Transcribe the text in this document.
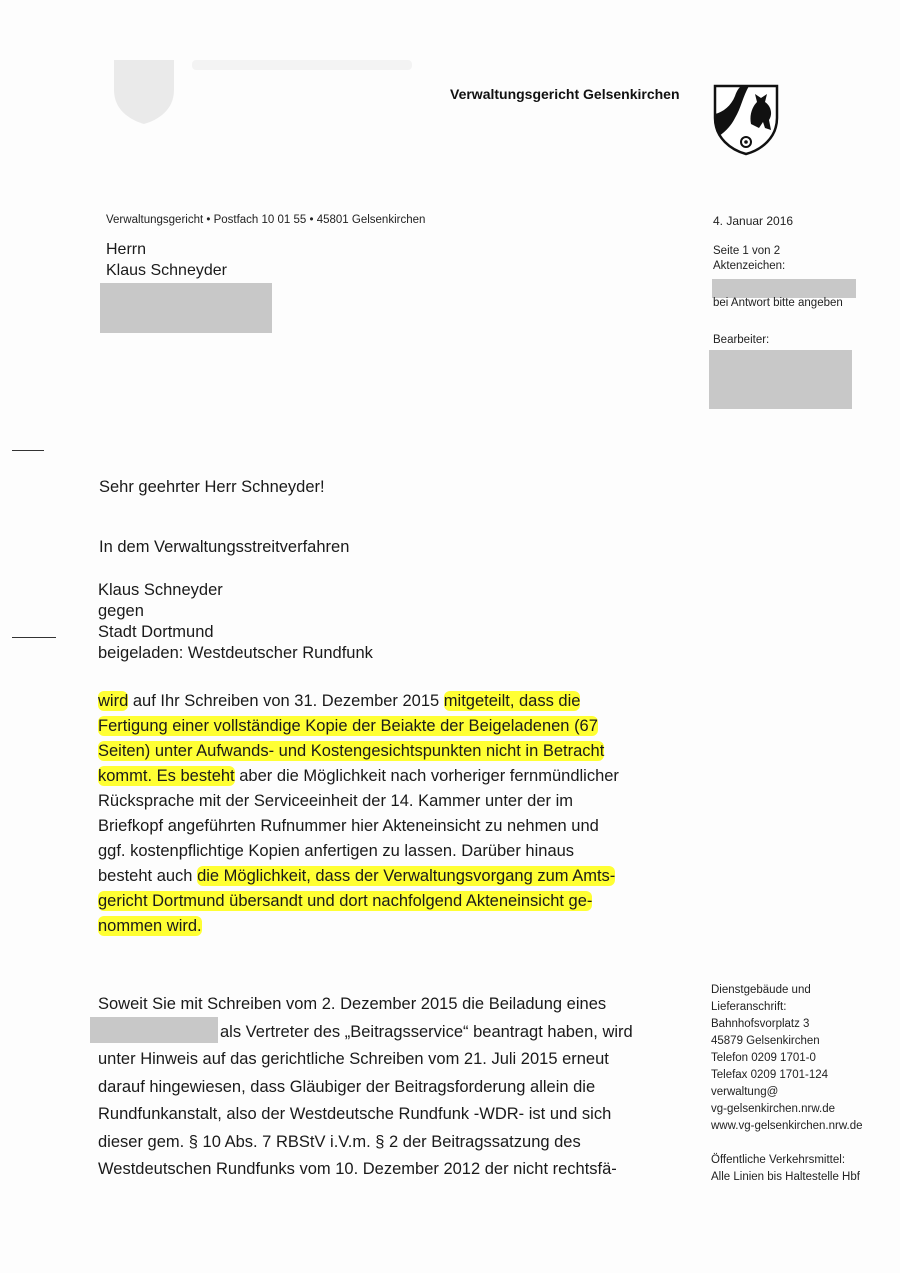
Verwaltungsgericht Gelsenkirchen
Verwaltungsgericht • Postfach 10 01 55 • 45801 Gelsenkirchen	4. Januar 2016
Seite 1 von 2
Aktenzeichen:
bei Antwort bitte angeben
Bearbeiter:
Herrn
Klaus Schneyder
Sehr geehrter Herr Schneyder!
In dem Verwaltungsstreitverfahren
Klaus Schneyder
gegen
Stadt Dortmund
beigeladen: Westdeutscher Rundfunk
wird auf Ihr Schreiben von 31. Dezember 2015 mitgeteilt, dass die
Fertigung einer vollständige Kopie der Beiakte der Beigeladenen (67
Seiten) unter Aufwands- und Kostengesichtspunkten nicht in Betracht
kommt. Es besteht aber die Möglichkeit nach vorheriger fernmündlicher
Rücksprache mit der Serviceeinheit der 14. Kammer unter der im
Briefkopf angeführten Rufnummer hier Akteneinsicht zu nehmen und
ggf. kostenpflichtige Kopien anfertigen zu lassen. Darüber hinaus
besteht auch die Möglichkeit, dass der Verwaltungsvorgang zum Amts-
gericht Dortmund übersandt und dort nachfolgend Akteneinsicht ge-
nommen wird.
Soweit Sie mit Schreiben vom 2. Dezember 2015 die Beiladung eines
als Vertreter des „Beitragsservice“ beantragt haben, wird
unter Hinweis auf das gerichtliche Schreiben vom 21. Juli 2015 erneut
darauf hingewiesen, dass Gläubiger der Beitragsforderung allein die
Rundfunkanstalt, also der Westdeutsche Rundfunk -WDR- ist und sich
dieser gem. § 10 Abs. 7 RBStV i.V.m. § 2 der Beitragssatzung des
Westdeutschen Rundfunks vom 10. Dezember 2012 der nicht rechtsfä-
Dienstgebäude und
Lieferanschrift:
Bahnhofsvorplatz 3
45879 Gelsenkirchen
Telefon 0209 1701-0
Telefax 0209 1701-124
verwaltung@
vg-gelsenkirchen.nrw.de
www.vg-gelsenkirchen.nrw.de
Öffentliche Verkehrsmittel:
Alle Linien bis Haltestelle Hbf
